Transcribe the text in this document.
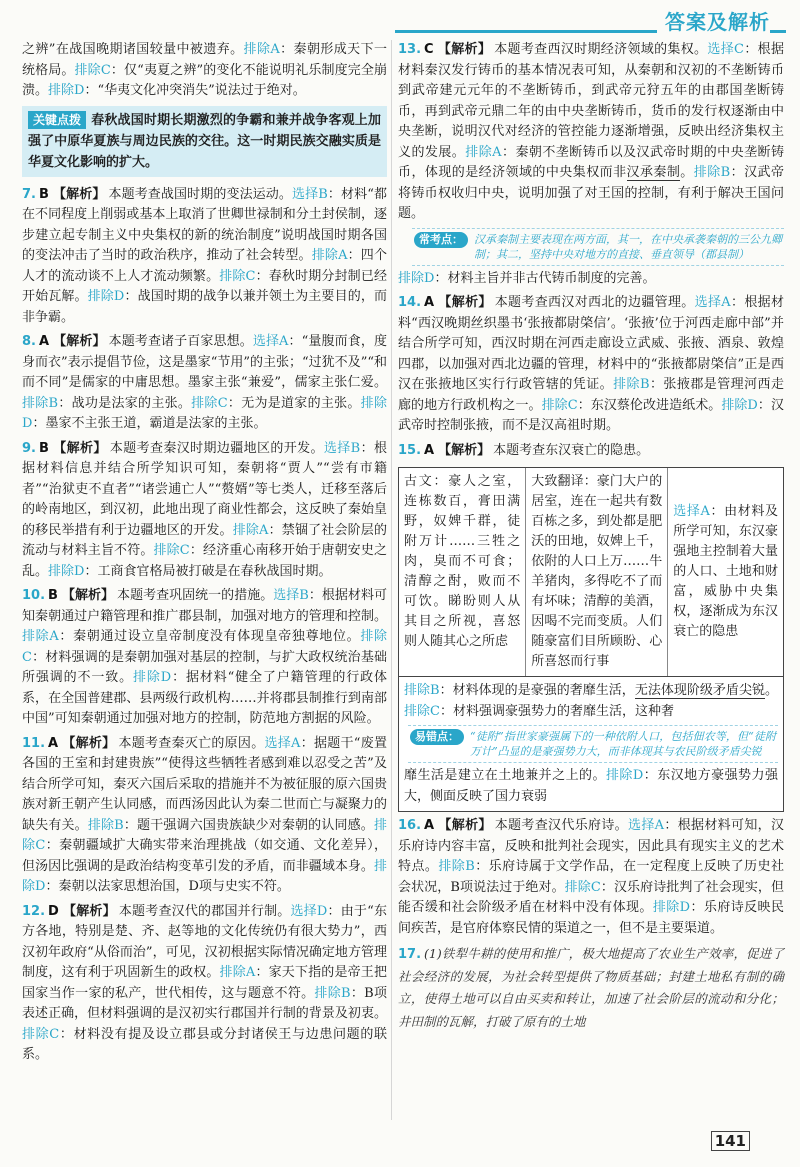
答案及解析
之辨”在战国晚期诸国较量中被遗弃。排除A：秦朝形成天下一统格局。排除C：仅“夷夏之辨”的变化不能说明礼乐制度完全崩溃。排除D：“华夷文化冲突消失”说法过于绝对。
关键点拨 春秋战国时期长期激烈的争霸和兼并战争客观上加强了中原华夏族与周边民族的交往。这一时期民族交融实质是华夏文化影响的扩大。
7. B 【解析】 本题考查战国时期的变法运动。选择B：材料“都在不同程度上削弱或基本上取消了世卿世禄制和分土封侯制，逐步建立起专制主义中央集权的新的统治制度”说明战国时期各国的变法冲击了当时的政治秩序，推动了社会转型。排除A：四个人才的流动谈不上人才流动频繁。排除C：春秋时期分封制已经开始瓦解。排除D：战国时期的战争以兼并领土为主要目的，而非争霸。
8. A 【解析】 本题考查诸子百家思想。选择A：“量腹而食，度身而衣”表示提倡节俭，这是墨家“节用”的主张；“过犹不及”“和而不同”是儒家的中庸思想。墨家主张“兼爱”，儒家主张仁爱。排除B：战功是法家的主张。排除C：无为是道家的主张。排除D：墨家不主张王道，霸道是法家的主张。
9. B 【解析】 本题考查秦汉时期边疆地区的开发。选择B：根据材料信息并结合所学知识可知，秦朝将“贾人”“尝有市籍者”“治狱吏不直者”“诸尝逋亡人”“赘婿”等七类人，迁移至落后的岭南地区，到汉初，此地出现了商业性都会，这反映了秦始皇的移民举措有利于边疆地区的开发。排除A：禁锢了社会阶层的流动与材料主旨不符。排除C：经济重心南移开始于唐朝安史之乱。排除D：工商食官格局被打破是在春秋战国时期。
10. B 【解析】 本题考查巩固统一的措施。选择B：根据材料可知秦朝通过户籍管理和推广郡县制，加强对地方的管理和控制。排除A：秦朝通过设立皇帝制度没有体现皇帝独尊地位。排除C：材料强调的是秦朝加强对基层的控制，与扩大政权统治基础所强调的不一致。排除D：据材料“健全了户籍管理的行政体系，在全国普建郡、县两级行政机构……并将郡县制推行到南部中国”可知秦朝通过加强对地方的控制，防范地方割据的风险。
11. A 【解析】 本题考查秦灭亡的原因。选择A：据题干“废置各国的王室和封建贵族”“使得这些牺牲者感到难以忍受之苦”及结合所学可知，秦灭六国后采取的措施并不为被征服的原六国贵族对新王朝产生认同感，而西汤因此认为秦二世而亡与凝聚力的缺失有关。排除B：题干强调六国贵族缺少对秦朝的认同感。排除C：秦朝疆域扩大确实带来治理挑战（如交通、文化差异），但汤因比强调的是政治结构变革引发的矛盾，而非疆域本身。排除D：秦朝以法家思想治国，D项与史实不符。
12. D 【解析】 本题考查汉代的郡国并行制。选择D：由于“东方各地，特别是楚、齐、赵等地的文化传统仍有很大势力”，西汉初年政府“从俗而治”，可见，汉初根据实际情况确定地方管理制度，这有利于巩固新生的政权。排除A：家天下指的是帝王把国家当作一家的私产，世代相传，这与题意不符。排除B：B项表述正确，但材料强调的是汉初实行郡国并行制的背景及初衷。排除C：材料没有提及设立郡县或分封诸侯王与边患问题的联系。
13. C 【解析】 本题考查西汉时期经济领域的集权。选择C：根据材料秦汉发行铸币的基本情况表可知，从秦朝和汉初的不垄断铸币到武帝建元元年的不垄断铸币，到武帝元狩五年的由郡国垄断铸币，再到武帝元鼎二年的由中央垄断铸币，货币的发行权逐渐由中央垄断，说明汉代对经济的管控能力逐渐增强，反映出经济集权主义的发展。排除A：秦朝不垄断铸币以及汉武帝时期的中央垄断铸币，体现的是经济领域的中央集权而非汉承秦制。排除B：汉武帝将铸币权收归中央，说明加强了对王国的控制，有利于解决王国问题。
常考点：	汉承秦制主要表现在两方面，其一，在中央承袭秦朝的三公九卿制；其二，坚持中央对地方的直接、垂直领导（郡县制）
排除D：材料主旨并非古代铸币制度的完善。
14. A 【解析】 本题考查西汉对西北的边疆管理。选择A：根据材料“西汉晚期丝织墨书‘张掖都尉棨信’。‘张掖’位于河西走廊中部”并结合所学可知，西汉时期在河西走廊设立武威、张掖、酒泉、敦煌四郡，以加强对西北边疆的管理，材料中的“张掖都尉棨信”正是西汉在张掖地区实行行政管辖的凭证。排除B：张掖郡是管理河西走廊的地方行政机构之一。排除C：东汉蔡伦改进造纸术。排除D：汉武帝时控制张掖，而不是汉高祖时期。
15. A 【解析】 本题考查东汉衰亡的隐患。
古文：豪人之室，连栋数百，膏田满野，奴婢千群，徒附万计……三牲之肉，臭而不可食；清醇之酎，败而不可饮。睇盼则人从其目之所视，喜怒则人随其心之所虑	大致翻译：豪门大户的居室，连在一起共有数百栋之多，到处都是肥沃的田地，奴婢上千，依附的人口上万……牛羊猪肉，多得吃不了而有坏味；清醇的美酒，因喝不完而变质。人们随豪富们目所顾盼、心所喜怒而行事	选择A：由材料及所学可知，东汉豪强地主控制着大量的人口、土地和财富，威胁中央集权，逐渐成为东汉衰亡的隐患
排除B：材料体现的是豪强的奢靡生活，无法体现阶级矛盾尖锐。排除C：材料强调豪强势力的奢靡生活，这种奢
易错点：	“徒附”指世家豪强属下的一种依附人口，包括佃农等，但“徒附万计”凸显的是豪强势力大，而非体现其与农民阶级矛盾尖锐
靡生活是建立在土地兼并之上的。排除D：东汉地方豪强势力强大，侧面反映了国力衰弱
16. A 【解析】 本题考查汉代乐府诗。选择A：根据材料可知，汉乐府诗内容丰富，反映和批判社会现实，因此具有现实主义的艺术特点。排除B：乐府诗属于文学作品，在一定程度上反映了历史社会状况，B项说法过于绝对。排除C：汉乐府诗批判了社会现实，但能否缓和社会阶级矛盾在材料中没有体现。排除D：乐府诗反映民间疾苦，是官府体察民情的渠道之一，但不是主要渠道。
17. (1)铁犁牛耕的使用和推广，极大地提高了农业生产效率，促进了社会经济的发展，为社会转型提供了物质基础；封建土地私有制的确立，使得土地可以自由买卖和转让，加速了社会阶层的流动和分化；井田制的瓦解，打破了原有的土地
141
